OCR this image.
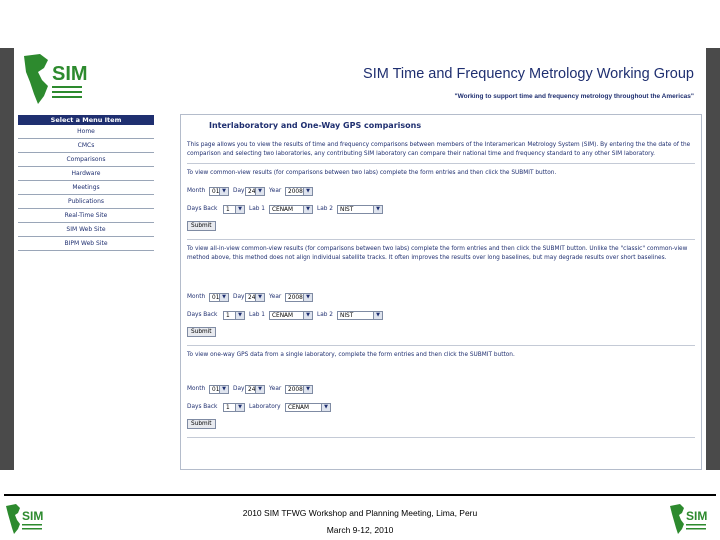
SIM	SIM Time and Frequency Metrology Working Group
"Working to support time and frequency metrology throughout the Americas"
Select a Menu Item
Home
CMCs
Comparisons
Hardware
Meetings
Publications
Real-Time Site
SIM Web Site
BIPM Web Site
Interlaboratory and One-Way GPS comparisons
This page allows you to view the results of time and frequency comparisons between members of the Interamerican Metrology System (SIM). By entering the the date of the comparison and selecting two laboratories, any contributing SIM laboratory can compare their national time and frequency standard to any other SIM laboratory.
To view common-view results (for comparisons between two labs) complete the form entries and then click the SUBMIT button.
Month	01 ▼	Day 24 ▼	Year	2008 ▼
Days Back	1	▼	Lab 1	CENAM	▼	Lab 2	NIST	▼
Submit
To view all-in-view common-view results (for comparisons between two labs) complete the form entries and then click the SUBMIT button. Unlike the "classic" common-view method above, this method does not align individual satellite tracks. It often improves the results over long baselines, but may degrade results over short baselines.
Month	01 ▼	Day 24 ▼	Year	2008 ▼
Days Back	1	▼	Lab 1	CENAM	▼	Lab 2	NIST	▼
Submit
To view one-way GPS data from a single laboratory, complete the form entries and then click the SUBMIT button.
Month	01 ▼	Day 24 ▼	Year	2008 ▼
Days Back	1	▼	Laboratory	CENAM	▼
Submit
SIM	SIM
2010 SIM TFWG Workshop and Planning Meeting, Lima, Peru
March 9-12, 2010
